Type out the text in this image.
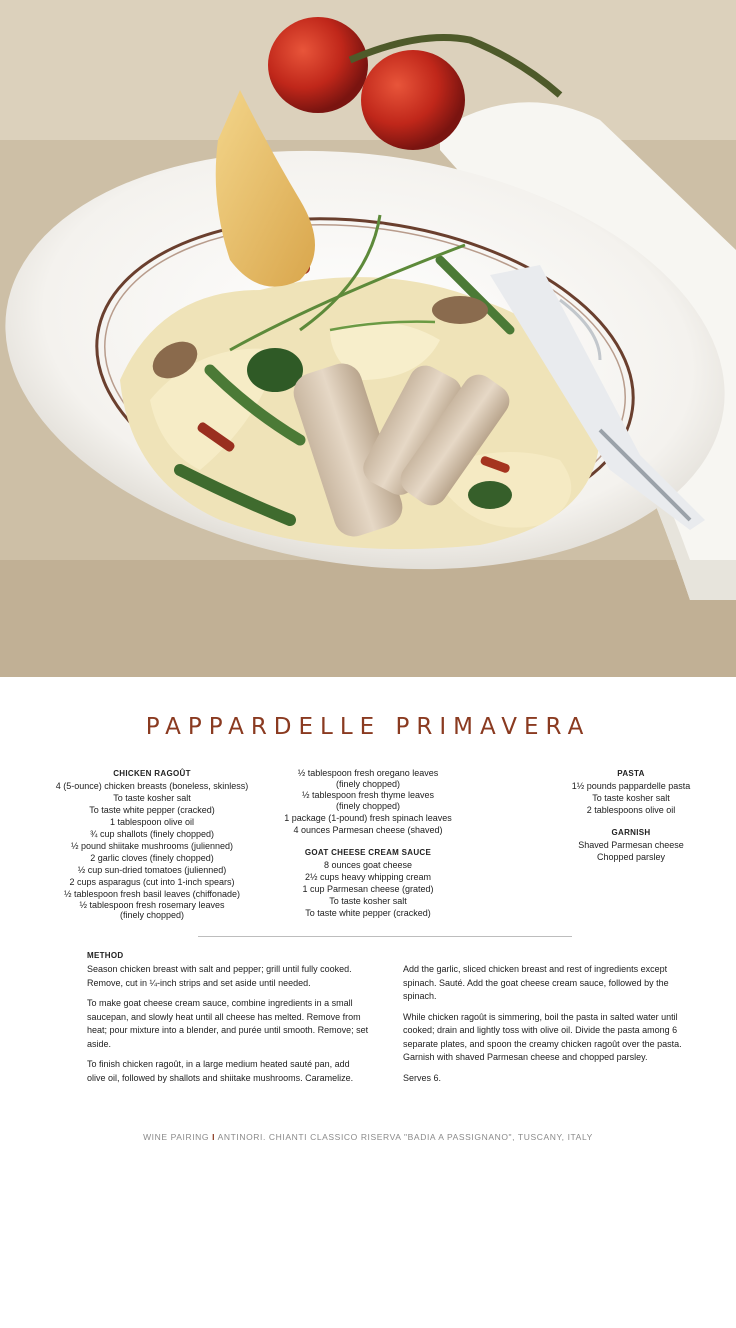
PAPPARDELLE PRIMAVERA
CHICKEN RAGOÛT
4 (5-ounce) chicken breasts (boneless, skinless)
To taste kosher salt
To taste white pepper (cracked)
1 tablespoon olive oil
¾ cup shallots (finely chopped)
½ pound shiitake mushrooms (julienned)
2 garlic cloves (finely chopped)
½ cup sun-dried tomatoes (julienned)
2 cups asparagus (cut into 1-inch spears)
½ tablespoon fresh basil leaves (chiffonade)
½ tablespoon fresh rosemary leaves
(finely chopped)
½ tablespoon fresh oregano leaves
(finely chopped)
½ tablespoon fresh thyme leaves
(finely chopped)
1 package (1-pound) fresh spinach leaves
4 ounces Parmesan cheese (shaved)
GOAT CHEESE CREAM SAUCE
8 ounces goat cheese
2½ cups heavy whipping cream
1 cup Parmesan cheese (grated)
To taste kosher salt
To taste white pepper (cracked)
PASTA
1½ pounds pappardelle pasta
To taste kosher salt
2 tablespoons olive oil
GARNISH
Shaved Parmesan cheese
Chopped parsley
METHOD

Season chicken breast with salt and pepper; grill until fully cooked. Remove, cut in ¼-inch strips and set aside until needed.

To make goat cheese cream sauce, combine ingredients in a small saucepan, and slowly heat until all cheese has melted. Remove from heat; pour mixture into a blender, and purée until smooth. Remove; set aside.

To finish chicken ragoût, in a large medium heated sauté pan, add olive oil, followed by shallots and shiitake mushrooms. Caramelize.

Add the garlic, sliced chicken breast and rest of ingredients except spinach. Sauté. Add the goat cheese cream sauce, followed by the spinach.

While chicken ragoût is simmering, boil the pasta in salted water until cooked; drain and lightly toss with olive oil. Divide the pasta among 6 separate plates, and spoon the creamy chicken ragoût over the pasta. Garnish with shaved Parmesan cheese and chopped parsley.

Serves 6.

WINE PAIRING I ANTINORI. CHIANTI CLASSICO RISERVA "BADIA A PASSIGNANO", TUSCANY, ITALY
